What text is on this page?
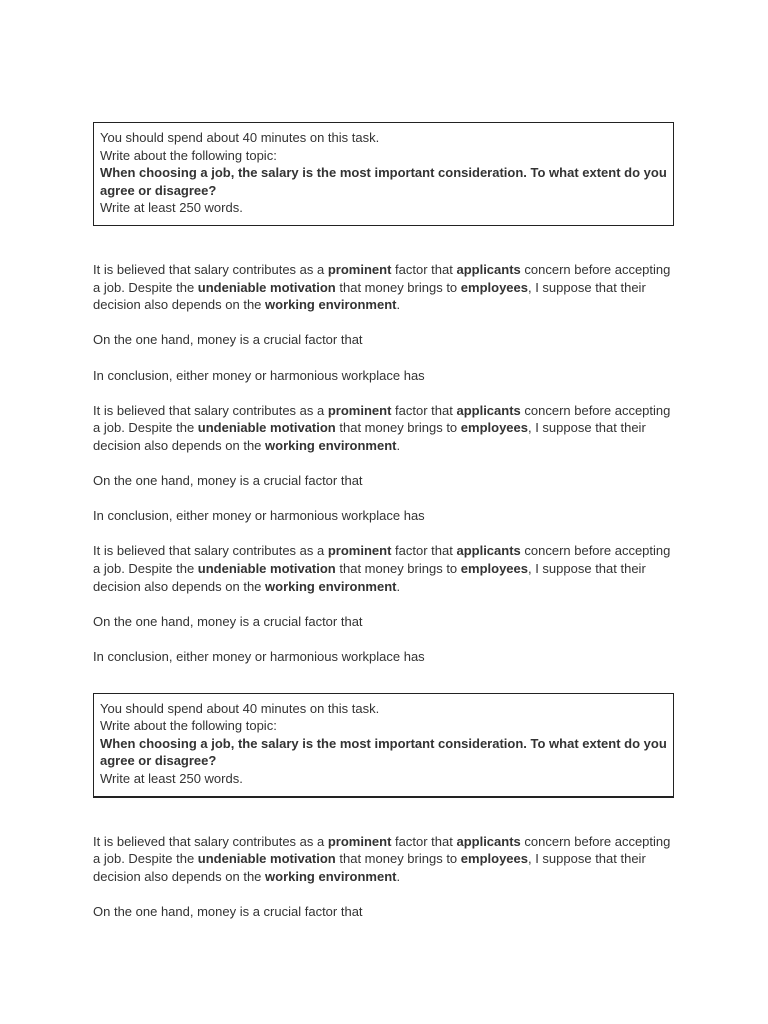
You should spend about 40 minutes on this task.

Write about the following topic:

When choosing a job, the salary is the most important consideration. To what extent do you agree or disagree?

Write at least 250 words.

It is believed that salary contributes as a prominent factor that applicants concern before accepting a job. Despite the undeniable motivation that money brings to employees, I suppose that their decision also depends on the working environment.

On the one hand, money is a crucial factor that

In conclusion, either money or harmonious workplace has

It is believed that salary contributes as a prominent factor that applicants concern before accepting a job. Despite the undeniable motivation that money brings to employees, I suppose that their decision also depends on the working environment.

On the one hand, money is a crucial factor that

In conclusion, either money or harmonious workplace has

It is believed that salary contributes as a prominent factor that applicants concern before accepting a job. Despite the undeniable motivation that money brings to employees, I suppose that their decision also depends on the working environment.

On the one hand, money is a crucial factor that

In conclusion, either money or harmonious workplace has

You should spend about 40 minutes on this task.

Write about the following topic:

When choosing a job, the salary is the most important consideration. To what extent do you agree or disagree?

Write at least 250 words.

It is believed that salary contributes as a prominent factor that applicants concern before accepting a job. Despite the undeniable motivation that money brings to employees, I suppose that their decision also depends on the working environment.

On the one hand, money is a crucial factor that
